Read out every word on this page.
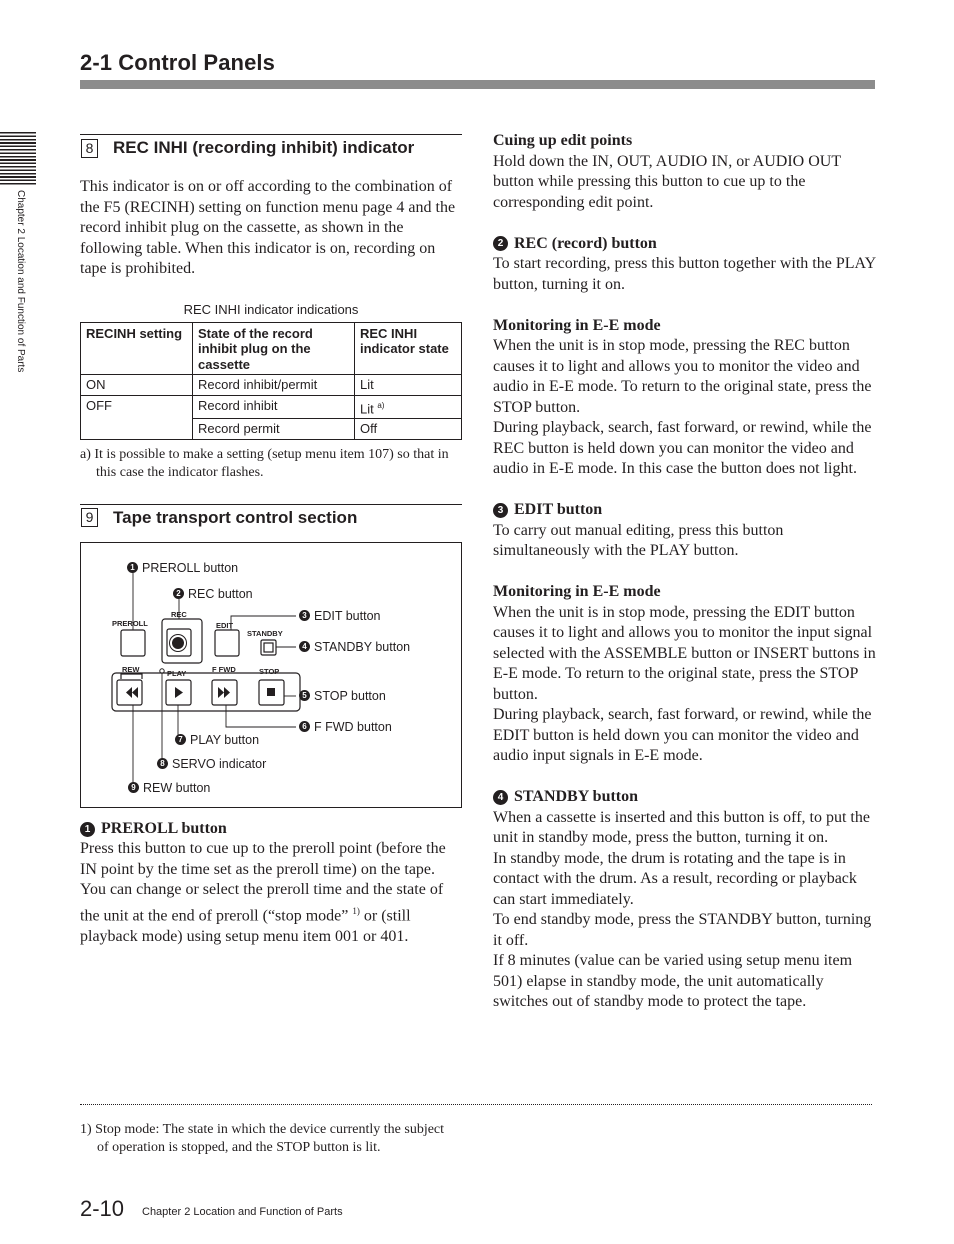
2-1 Control Panels
Chapter 2 Location and Function of Parts
8 REC INHI (recording inhibit) indicator

This indicator is on or off according to the combination of the F5 (RECINH) setting on function menu page 4 and the record inhibit plug on the cassette, as shown in the following table. When this indicator is on, recording on tape is prohibited.

REC INHI indicator indications
RECINH setting	State of the record inhibit plug on the cassette	REC INHI indicator state
ON	Record inhibit/permit	Lit
OFF	Record inhibit	Lit $^{a)}$
	Record permit	Off

a) It is possible to make a setting (setup menu item 107) so that in this case the indicator flashes.

9 Tape transport control section
PREROLL
REC
EDIT
STANDBY
REW	PLAY	F FWD	STOP
1 PREROLL button
2 REC button
3 EDIT button
4 STANDBY button
5 STOP button
6 F FWD button
7 PLAY button
8 SERVO indicator
9 REW button
1 PREROLL button

Press this button to cue up to the preroll point (before the IN point by the time set as the preroll time) on the tape. You can change or select the preroll time and the state of the unit at the end of preroll (“stop mode” $^{1)}$ or (still playback mode) using setup menu item 001 or 401.

Cuing up edit points

Hold down the IN, OUT, AUDIO IN, or AUDIO OUT button while pressing this button to cue up to the corresponding edit point.

2 REC (record) button

To start recording, press this button together with the PLAY button, turning it on.

Monitoring in E-E mode

When the unit is in stop mode, pressing the REC button causes it to light and allows you to monitor the video and audio in E-E mode. To return to the original state, press the STOP button.

During playback, search, fast forward, or rewind, while the REC button is held down you can monitor the video and audio in E-E mode. In this case the button does not light.

3 EDIT button

To carry out manual editing, press this button simultaneously with the PLAY button.

Monitoring in E-E mode

When the unit is in stop mode, pressing the EDIT button causes it to light and allows you to monitor the input signal selected with the ASSEMBLE button or INSERT buttons in E-E mode. To return to the original state, press the STOP button.

During playback, search, fast forward, or rewind, while the EDIT button is held down you can monitor the video and audio input signals in E-E mode.

4 STANDBY button

When a cassette is inserted and this button is off, to put the unit in standby mode, press the button, turning it on.

In standby mode, the drum is rotating and the tape is in contact with the drum. As a result, recording or playback can start immediately.

To end standby mode, press the STANDBY button, turning it off.

If 8 minutes (value can be varied using setup menu item 501) elapse in standby mode, the unit automatically switches out of standby mode to protect the tape.

1) Stop mode: The state in which the device currently the subject of operation is stopped, and the STOP button is lit.

2-10 Chapter 2 Location and Function of Parts
